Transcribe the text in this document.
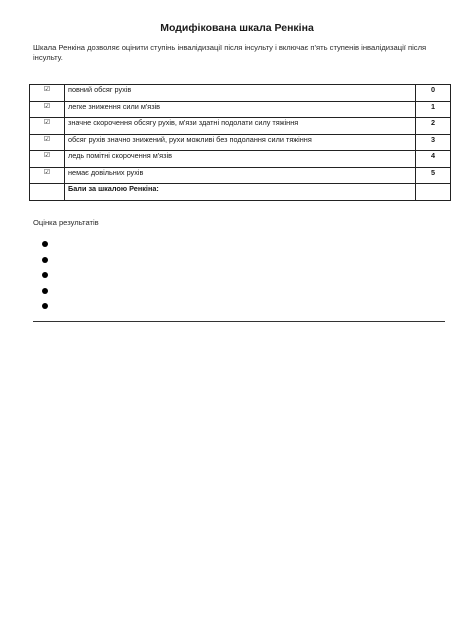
Модифікована шкала Ренкіна

Шкала Ренкіна дозволяє оцінити ступінь інвалідизації після інсульту і включає п'ять ступенів інвалідизації після інсульту.

☑	повний обсяг рухів	0
☑	легке зниження сили м'язів	1
☑	значне скорочення обсягу рухів, м'язи здатні подолати силу тяжіння	2
☑	обсяг рухів значно знижений, рухи можливі без подолання сили тяжіння	3
☑	ледь помітні скорочення м'язів	4
☑	немає довільних рухів	5
	Бали за шкалою Ренкіна:	

Оцінка результатів
